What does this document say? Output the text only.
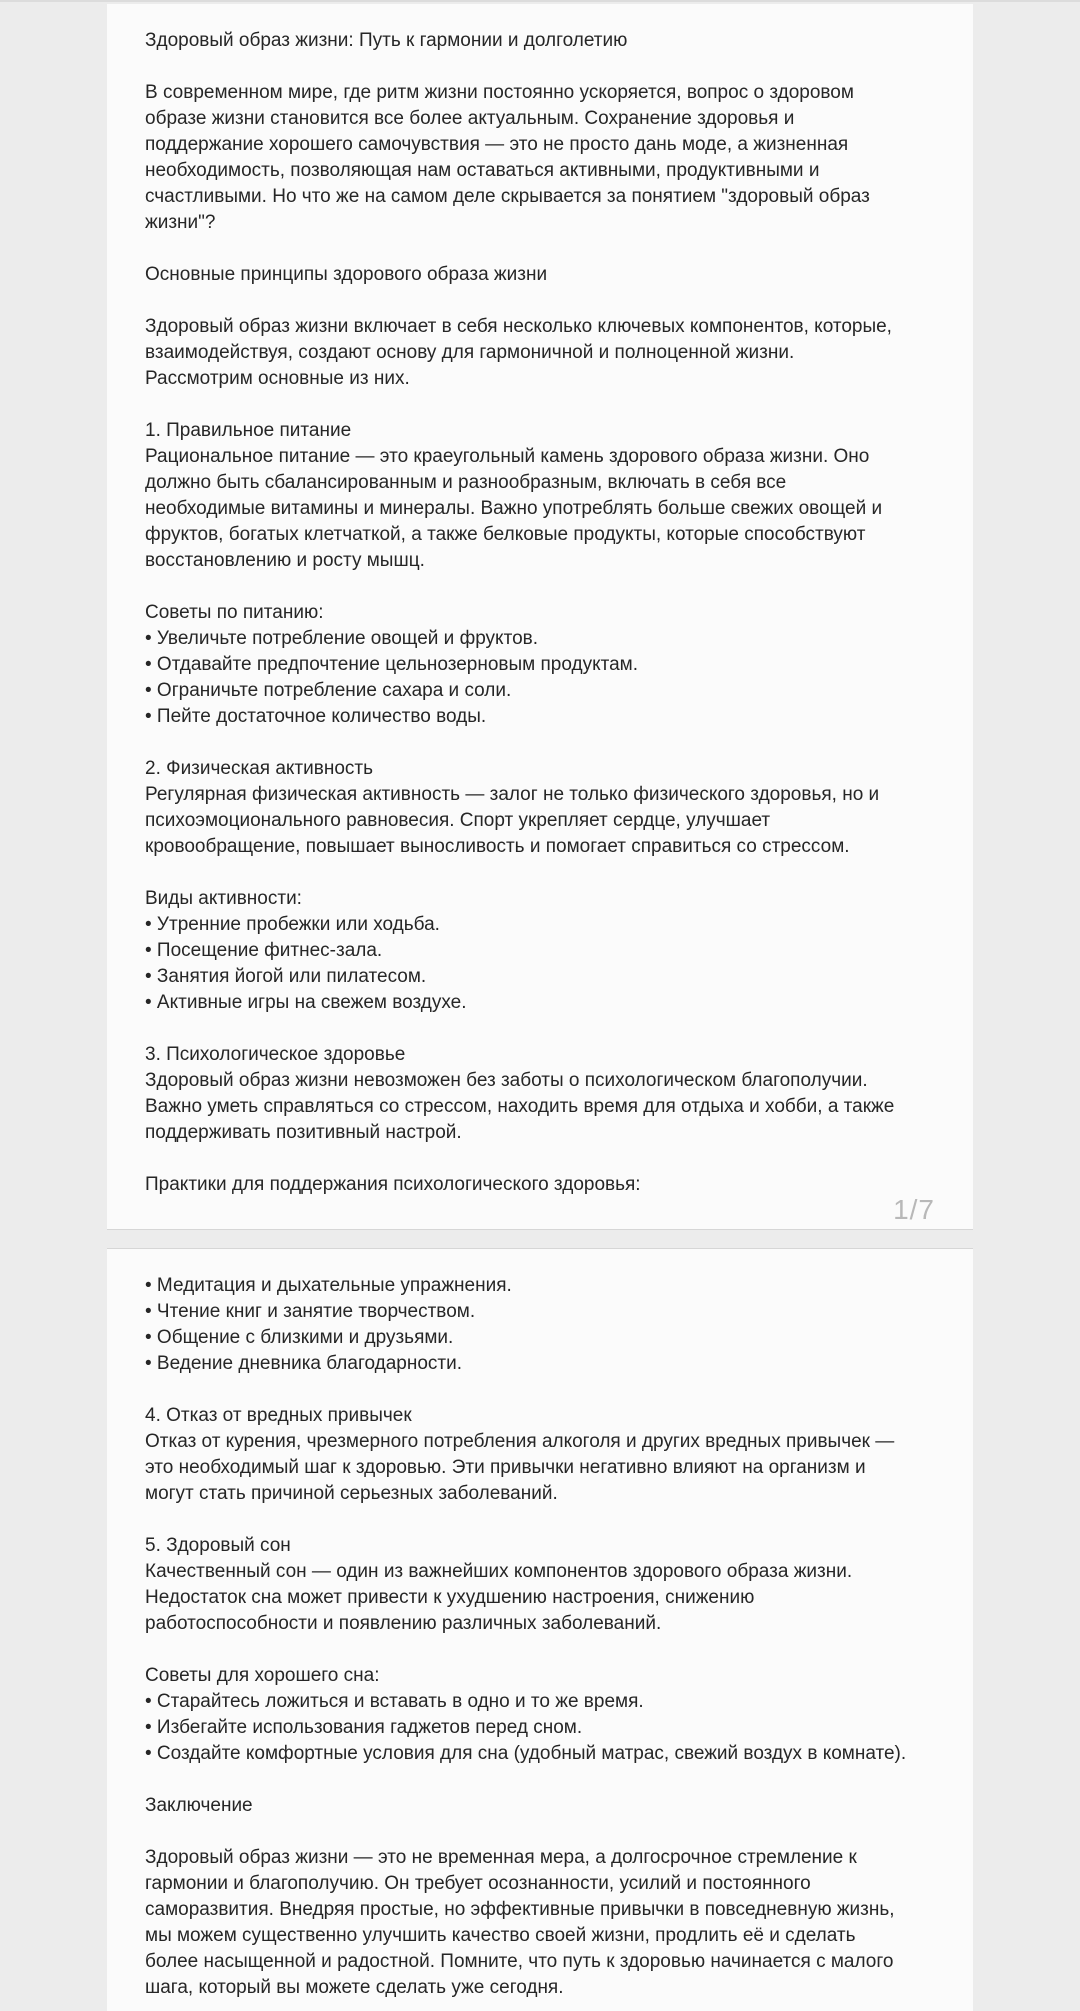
Здоровый образ жизни: Путь к гармонии и долголетию
В современном мире, где ритм жизни постоянно ускоряется, вопрос о здоровом
образе жизни становится все более актуальным. Сохранение здоровья и
поддержание хорошего самочувствия — это не просто дань моде, а жизненная
необходимость, позволяющая нам оставаться активными, продуктивными и
счастливыми. Но что же на самом деле скрывается за понятием "здоровый образ
жизни"?
Основные принципы здорового образа жизни
Здоровый образ жизни включает в себя несколько ключевых компонентов, которые,
взаимодействуя, создают основу для гармоничной и полноценной жизни.
Рассмотрим основные из них.
1. Правильное питание
Рациональное питание — это краеугольный камень здорового образа жизни. Оно
должно быть сбалансированным и разнообразным, включать в себя все
необходимые витамины и минералы. Важно употреблять больше свежих овощей и
фруктов, богатых клетчаткой, а также белковые продукты, которые способствуют
восстановлению и росту мышц.
Советы по питанию:
• Увеличьте потребление овощей и фруктов.
• Отдавайте предпочтение цельнозерновым продуктам.
• Ограничьте потребление сахара и соли.
• Пейте достаточное количество воды.
2. Физическая активность
Регулярная физическая активность — залог не только физического здоровья, но и
психоэмоционального равновесия. Спорт укрепляет сердце, улучшает
кровообращение, повышает выносливость и помогает справиться со стрессом.
Виды активности:
• Утренние пробежки или ходьба.
• Посещение фитнес-зала.
• Занятия йогой или пилатесом.
• Активные игры на свежем воздухе.
3. Психологическое здоровье
Здоровый образ жизни невозможен без заботы о психологическом благополучии.
Важно уметь справляться со стрессом, находить время для отдыха и хобби, а также
поддерживать позитивный настрой.
Практики для поддержания психологического здоровья:
1/7
• Медитация и дыхательные упражнения.
• Чтение книг и занятие творчеством.
• Общение с близкими и друзьями.
• Ведение дневника благодарности.
4. Отказ от вредных привычек
Отказ от курения, чрезмерного потребления алкоголя и других вредных привычек —
это необходимый шаг к здоровью. Эти привычки негативно влияют на организм и
могут стать причиной серьезных заболеваний.
5. Здоровый сон
Качественный сон — один из важнейших компонентов здорового образа жизни.
Недостаток сна может привести к ухудшению настроения, снижению
работоспособности и появлению различных заболеваний.
Советы для хорошего сна:
• Старайтесь ложиться и вставать в одно и то же время.
• Избегайте использования гаджетов перед сном.
• Создайте комфортные условия для сна (удобный матрас, свежий воздух в комнате).
Заключение
Здоровый образ жизни — это не временная мера, а долгосрочное стремление к
гармонии и благополучию. Он требует осознанности, усилий и постоянного
саморазвития. Внедряя простые, но эффективные привычки в повседневную жизнь,
мы можем существенно улучшить качество своей жизни, продлить её и сделать
более насыщенной и радостной. Помните, что путь к здоровью начинается с малого
шага, который вы можете сделать уже сегодня.
